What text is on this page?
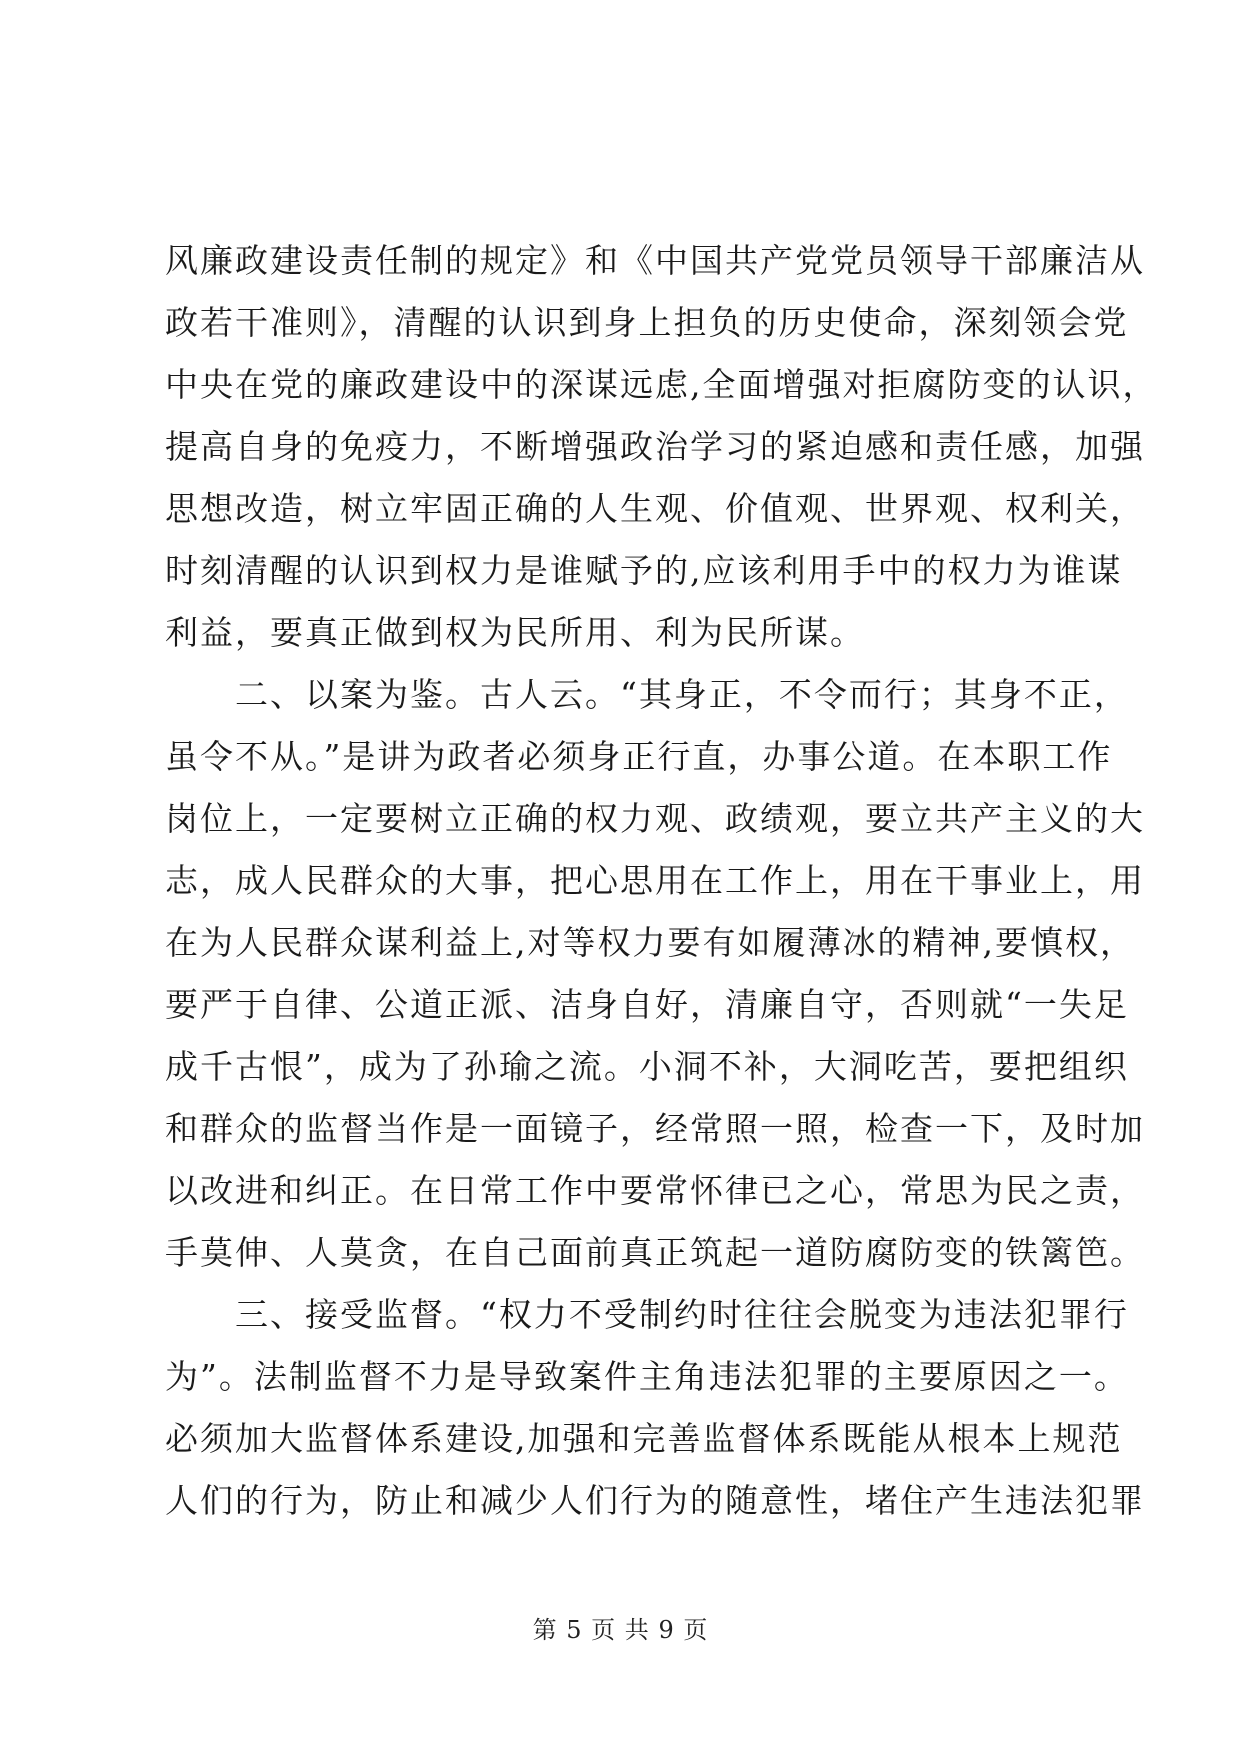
风廉政建设责任制的规定》和《中国共产党党员领导干部廉洁从
政若干准则》，清醒的认识到身上担负的历史使命，深刻领会党
中央在党的廉政建设中的深谋远虑,全面增强对拒腐防变的认识，
提高自身的免疫力，不断增强政治学习的紧迫感和责任感，加强
思想改造，树立牢固正确的人生观、价值观、世界观、权利关，
时刻清醒的认识到权力是谁赋予的,应该利用手中的权力为谁谋
利益，要真正做到权为民所用、利为民所谋。
　　二、以案为鉴。古人云。“其身正，不令而行；其身不正，
虽令不从。”是讲为政者必须身正行直，办事公道。在本职工作
岗位上，一定要树立正确的权力观、政绩观，要立共产主义的大
志，成人民群众的大事，把心思用在工作上，用在干事业上，用
在为人民群众谋利益上,对等权力要有如履薄冰的精神,要慎权，
要严于自律、公道正派、洁身自好，清廉自守，否则就“一失足
成千古恨”，成为了孙瑜之流。小洞不补，大洞吃苦，要把组织
和群众的监督当作是一面镜子，经常照一照，检查一下，及时加
以改进和纠正。在日常工作中要常怀律已之心，常思为民之责，
手莫伸、人莫贪，在自己面前真正筑起一道防腐防变的铁篱笆。
　　三、接受监督。“权力不受制约时往往会脱变为违法犯罪行
为”。法制监督不力是导致案件主角违法犯罪的主要原因之一。
必须加大监督体系建设,加强和完善监督体系既能从根本上规范
人们的行为，防止和减少人们行为的随意性，堵住产生违法犯罪
第 5 页 共 9 页
